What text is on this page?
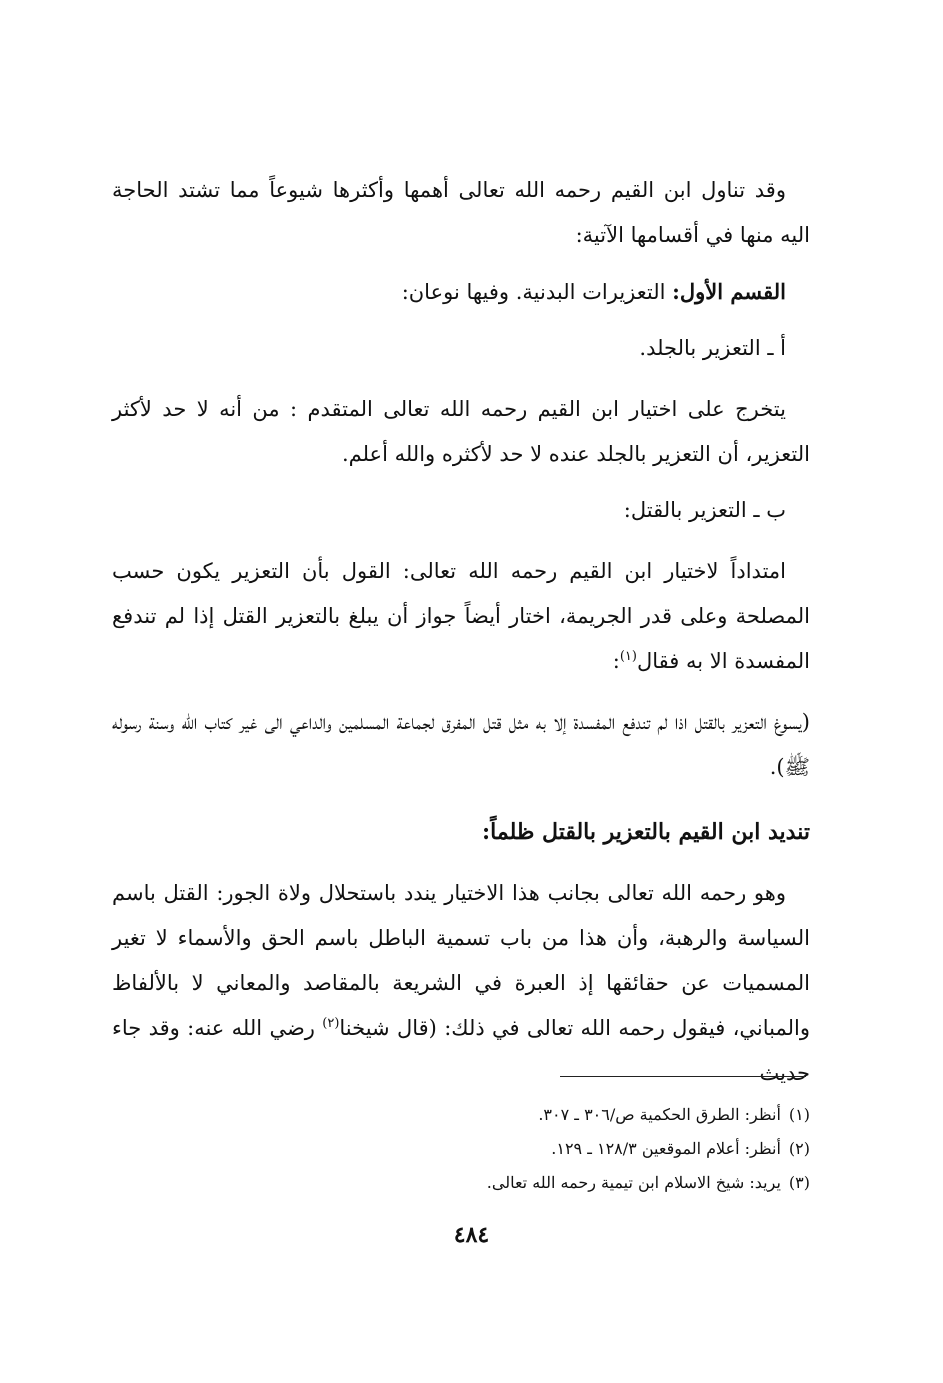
وقد تناول ابن القيم رحمه الله تعالى أهمها وأكثرها شيوعاً مما تشتد الحاجة اليه منها في أقسامها الآتية:

القسم الأول: التعزيرات البدنية. وفيها نوعان:

أ ـ التعزير بالجلد.

يتخرج على اختيار ابن القيم رحمه الله تعالى المتقدم : من أنه لا حد لأكثر التعزير، أن التعزير بالجلد عنده لا حد لأكثره والله أعلم.

ب ـ التعزير بالقتل:

امتداداً لاختيار ابن القيم رحمه الله تعالى: القول بأن التعزير يكون حسب المصلحة وعلى قدر الجريمة، اختار أيضاً جواز أن يبلغ بالتعزير القتل إذا لم تندفع المفسدة الا به فقال$^{(١)}$:

(يسوغ التعزير بالقتل اذا لم تندفع المفسدة إلا به مثل قتل المفرق لجماعة المسلمين والداعي الى غير كتاب الله وسنة رسوله ﷺ).

تنديد ابن القيم بالتعزير بالقتل ظلماً:

وهو رحمه الله تعالى بجانب هذا الاختيار يندد باستحلال ولاة الجور: القتل باسم السياسة والرهبة، وأن هذا من باب تسمية الباطل باسم الحق والأسماء لا تغير المسميات عن حقائقها إذ العبرة في الشريعة بالمقاصد والمعاني لا بالألفاظ والمباني، فيقول رحمه الله تعالى في ذلك: (قال شيخنا$^{(٢)}$ رضي الله عنه: وقد جاء حديث

(١)أنظر: الطرق الحكمية ص/٣٠٦ ـ ٣٠٧.

(٢)أنظر: أعلام الموقعين ١٢٨/٣ ـ ١٢٩.

(٣)يريد: شيخ الاسلام ابن تيمية رحمه الله تعالى.

٤٨٤
